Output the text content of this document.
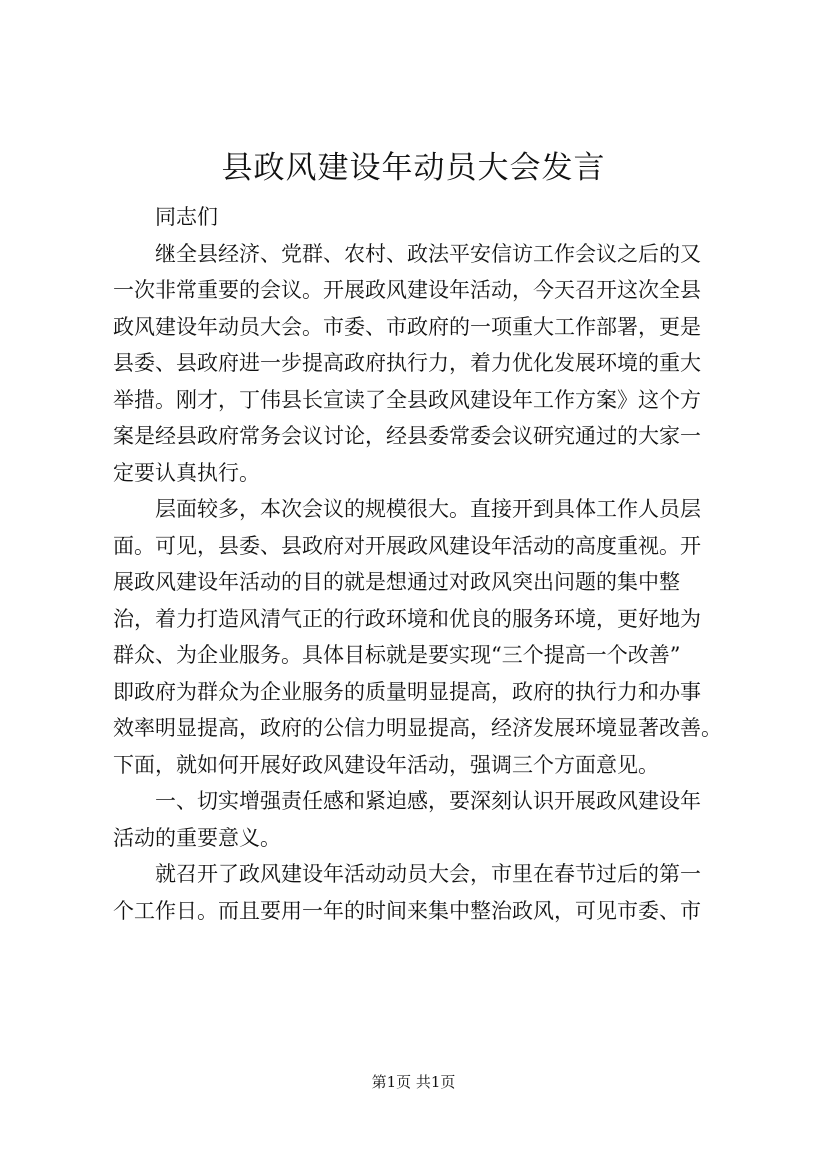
县政风建设年动员大会发言
　　同志们
　　继全县经济、党群、农村、政法平安信访工作会议之后的又
一次非常重要的会议。开展政风建设年活动，今天召开这次全县
政风建设年动员大会。市委、市政府的一项重大工作部署，更是
县委、县政府进一步提高政府执行力，着力优化发展环境的重大
举措。刚才，丁伟县长宣读了全县政风建设年工作方案》这个方
案是经县政府常务会议讨论，经县委常委会议研究通过的大家一
定要认真执行。
　　层面较多，本次会议的规模很大。直接开到具体工作人员层
面。可见，县委、县政府对开展政风建设年活动的高度重视。开
展政风建设年活动的目的就是想通过对政风突出问题的集中整
治，着力打造风清气正的行政环境和优良的服务环境，更好地为
群众、为企业服务。具体目标就是要实现“三个提高一个改善”
即政府为群众为企业服务的质量明显提高，政府的执行力和办事
效率明显提高，政府的公信力明显提高，经济发展环境显著改善。
下面，就如何开展好政风建设年活动，强调三个方面意见。
　　一、切实增强责任感和紧迫感，要深刻认识开展政风建设年
活动的重要意义。
　　就召开了政风建设年活动动员大会，市里在春节过后的第一
个工作日。而且要用一年的时间来集中整治政风，可见市委、市
第1页 共1页
